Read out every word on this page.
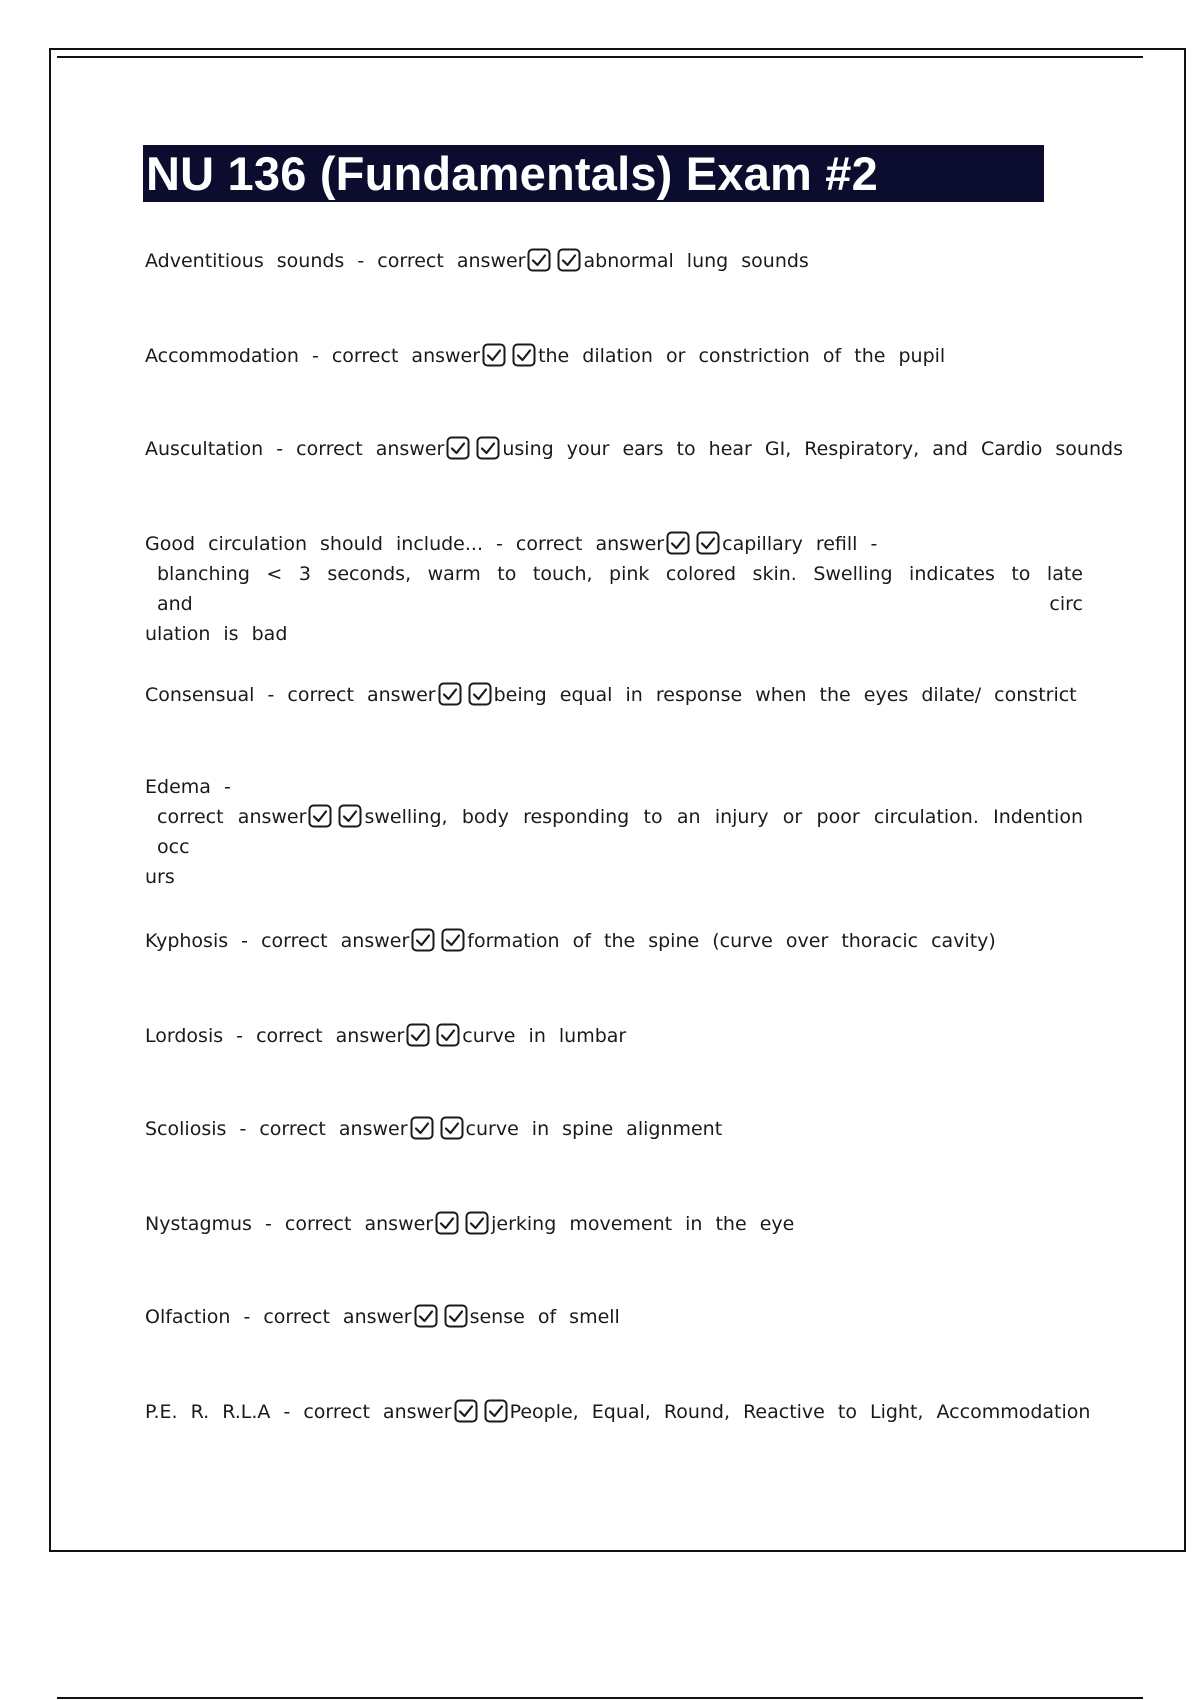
NU 136 (Fundamentals) Exam #2
Adventitious sounds - correct answer	abnormal lung sounds
Accommodation - correct answer	the dilation or constriction of the pupil
Auscultation - correct answer	using your ears to hear GI, Respiratory, and Cardio sounds
Good circulation should include... - correct answer	capillary refill -
blanching < 3 seconds, warm to touch, pink colored skin. Swelling indicates to late and circ
ulation is bad
Consensual - correct answer	being equal in response when the eyes dilate/ constrict
Edema -
correct answer	swelling, body responding to an injury or poor circulation. Indention occ
urs
Kyphosis - correct answer	formation of the spine (curve over thoracic cavity)
Lordosis - correct answer	curve in lumbar
Scoliosis - correct answer	curve in spine alignment
Nystagmus - correct answer	jerking movement in the eye
Olfaction - correct answer	sense of smell
P.E. R. R.L.A - correct answer	People, Equal, Round, Reactive to Light, Accommodation
